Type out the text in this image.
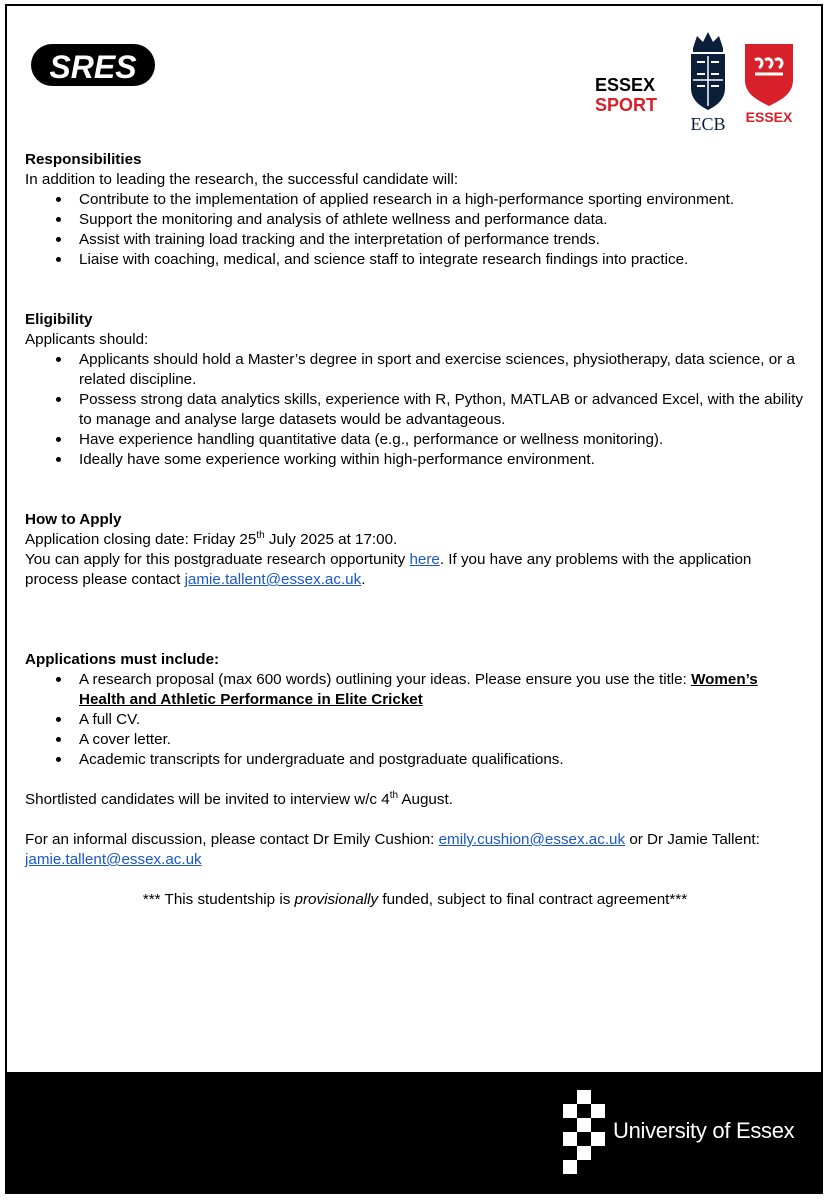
SRES	ESSEX
SPORT
ECB ESSEX
Responsibilities

In addition to leading the research, the successful candidate will:

Contribute to the implementation of applied research in a high-performance sporting environment.
Support the monitoring and analysis of athlete wellness and performance data.
Assist with training load tracking and the interpretation of performance trends.
Liaise with coaching, medical, and science staff to integrate research findings into practice.
Eligibility

Applicants should:

Applicants should hold a Master’s degree in sport and exercise sciences, physiotherapy, data science, or a related discipline.
Possess strong data analytics skills, experience with R, Python, MATLAB or advanced Excel, with the ability to manage and analyse large datasets would be advantageous.
Have experience handling quantitative data (e.g., performance or wellness monitoring).
Ideally have some experience working within high-performance environment.
How to Apply

Application closing date: Friday 25th July 2025 at 17:00.

You can apply for this postgraduate research opportunity here. If you have any problems with the application process please contact jamie.tallent@essex.ac.uk.

Applications must include:
A research proposal (max 600 words) outlining your ideas. Please ensure you use the title: Women’s Health and Athletic Performance in Elite Cricket
A full CV.
A cover letter.
Academic transcripts for undergraduate and postgraduate qualifications.

Shortlisted candidates will be invited to interview w/c 4th August.

For an informal discussion, please contact Dr Emily Cushion: emily.cushion@essex.ac.uk or Dr Jamie Tallent: jamie.tallent@essex.ac.uk

*** This studentship is provisionally funded, subject to final contract agreement***

University of Essex
